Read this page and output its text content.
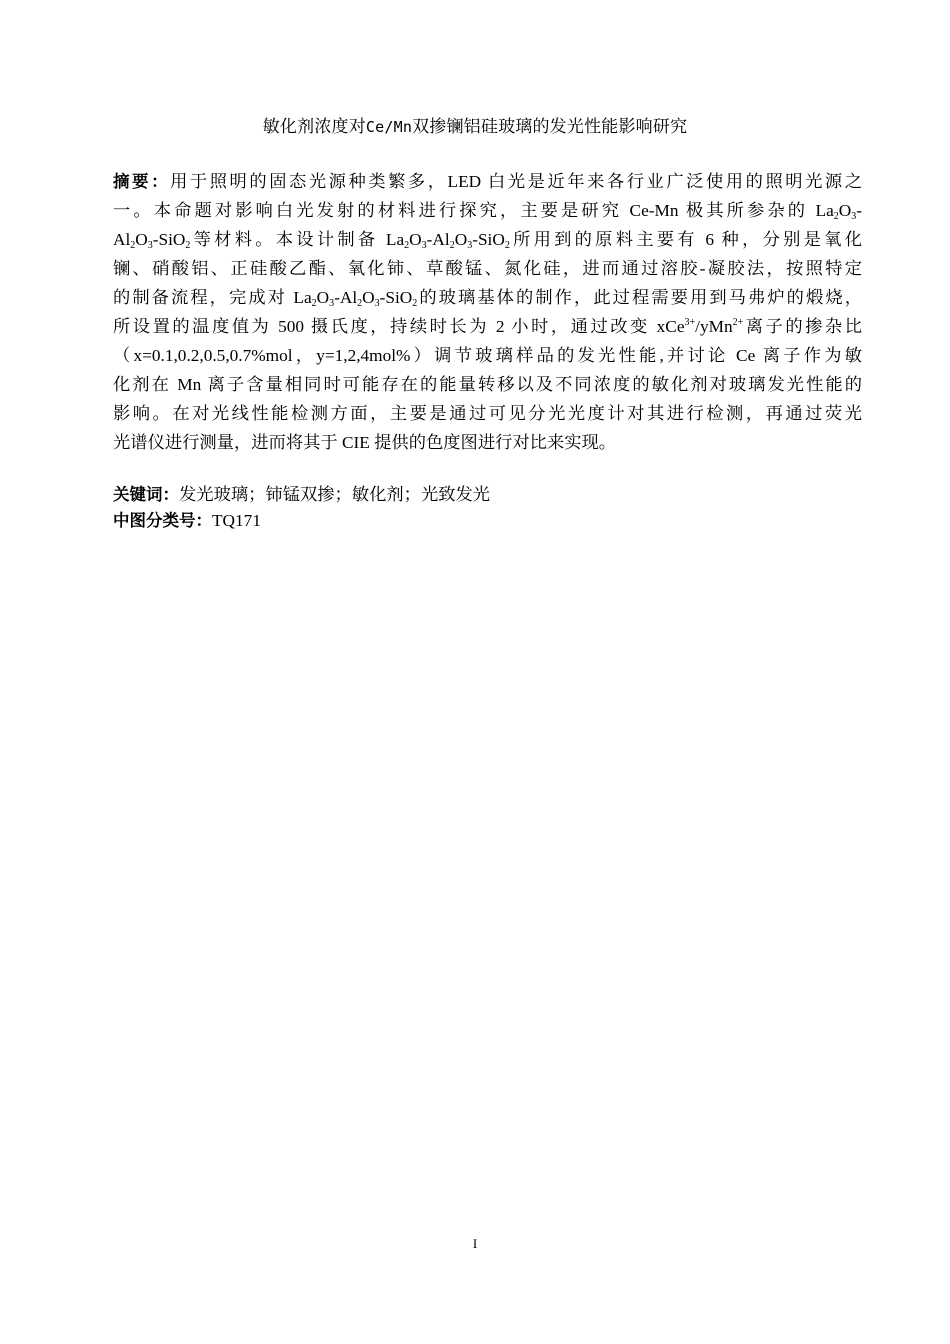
敏化剂浓度对Ce/Mn双掺镧铝硅玻璃的发光性能影响研究
摘要：用于照明的固态光源种类繁多，LED 白光是近年来各行业广泛使用的照明光源之
一。本命题对影响白光发射的材料进行探究，主要是研究 Ce-Mn 极其所参杂的 $La_2O_3-$
$Al_2O_3-SiO_2$等材料。本设计制备 $La_2O_3-Al_2O_3-SiO_2$所用到的原料主要有 6 种，分别是氧化
镧、硝酸铝、正硅酸乙酯、氧化铈、草酸锰、氮化硅，进而通过溶胶-凝胶法，按照特定
的制备流程，完成对 $La_2O_3-Al_2O_3-SiO_2$的玻璃基体的制作，此过程需要用到马弗炉的煅烧，
所设置的温度值为 500 摄氏度，持续时长为 2 小时，通过改变 xCe$^{3+}$/yMn$^{2+}$离子的掺杂比
（x=0.1,0.2,0.5,0.7%mol，y=1,2,4mol%）调节玻璃样品的发光性能,并讨论 Ce 离子作为敏
化剂在 Mn 离子含量相同时可能存在的能量转移以及不同浓度的敏化剂对玻璃发光性能的
影响。在对光线性能检测方面，主要是通过可见分光光度计对其进行检测，再通过荧光
光谱仪进行测量，进而将其于 CIE 提供的色度图进行对比来实现。
关键词：发光玻璃；铈锰双掺；敏化剂；光致发光
中图分类号：TQ171
I
